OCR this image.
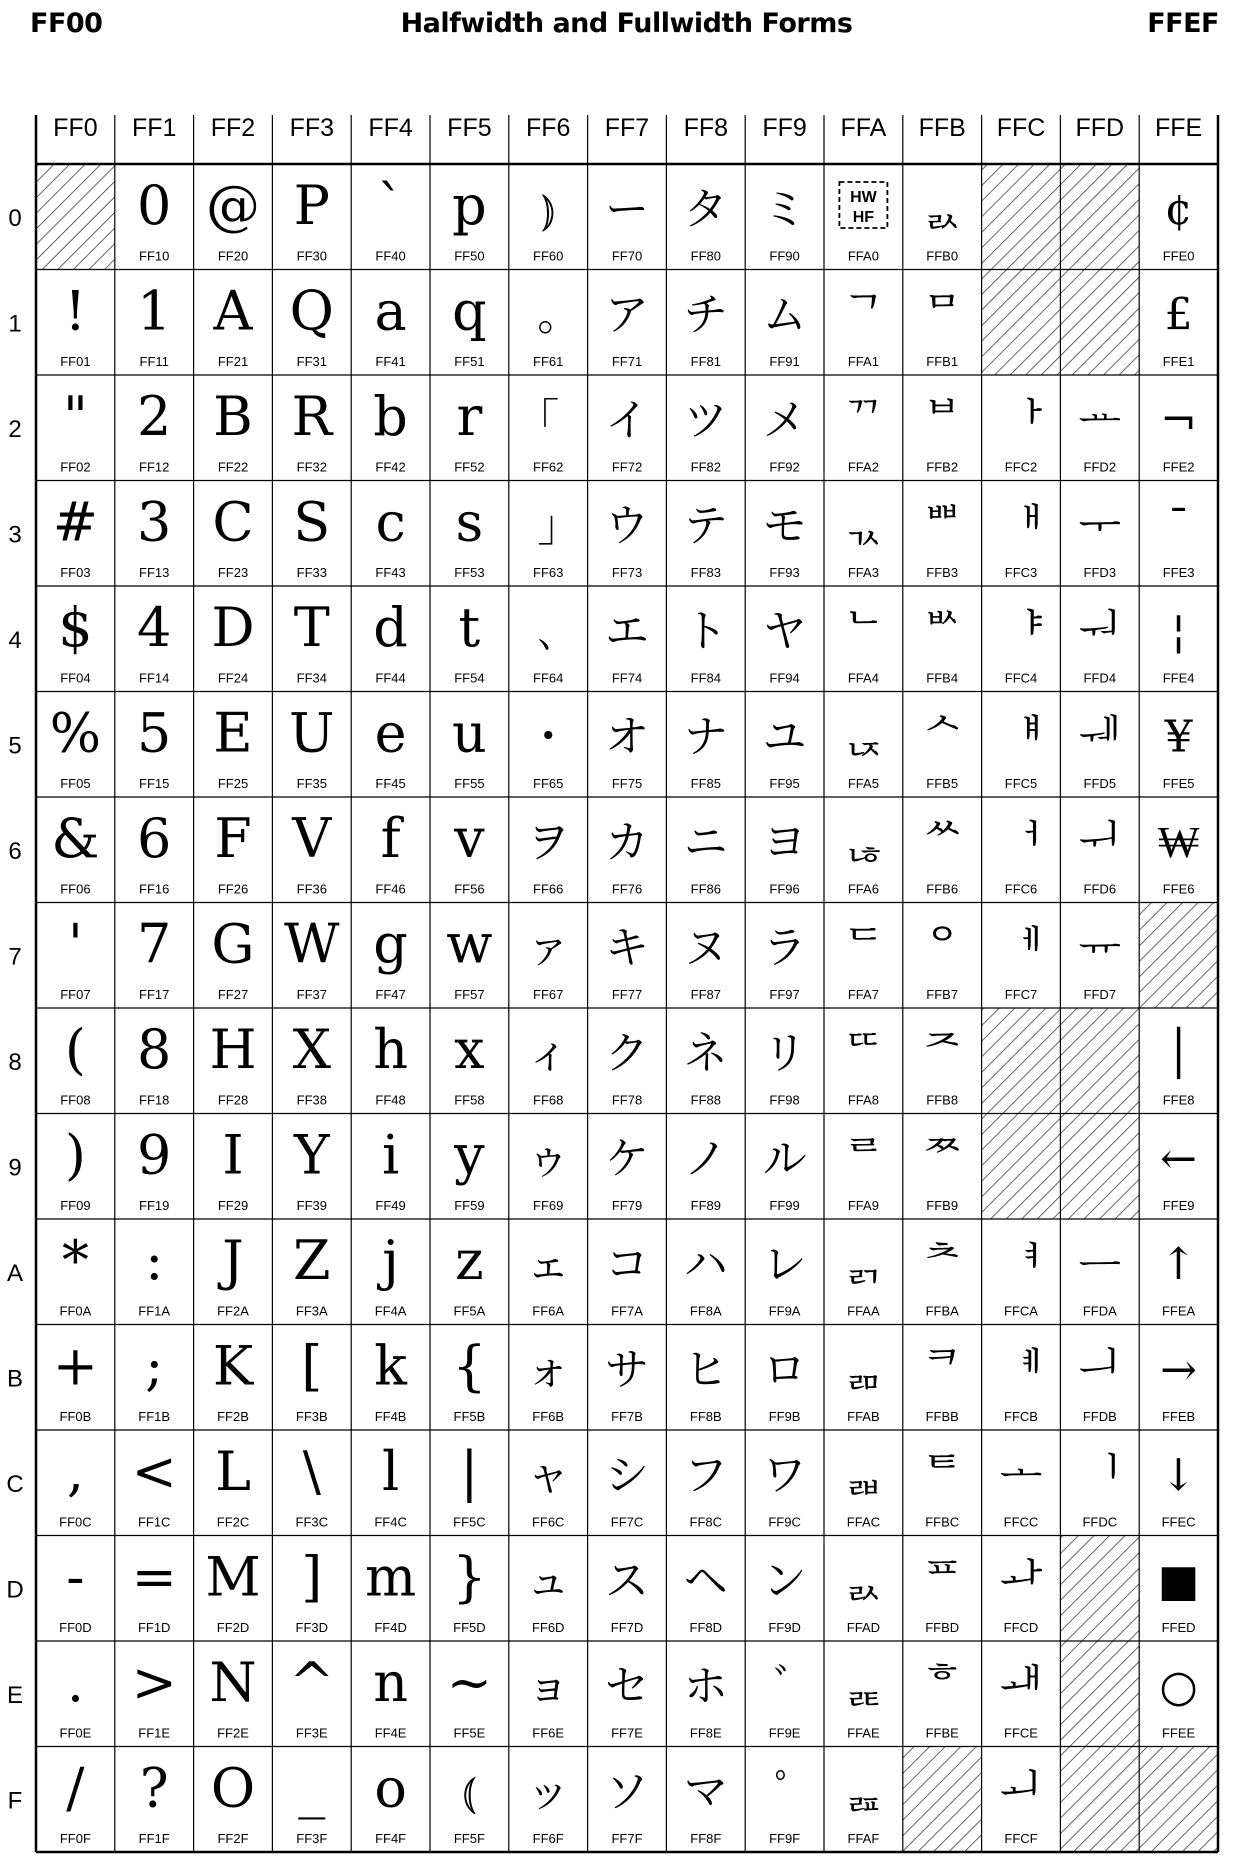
FF00	Halfwidth and Fullwidth Forms	FFEF
FF0 FF1 FF2 FF3 FF4 FF5 FF6 FF7 FF8 FF9 FFA FFB FFC FFD FFE
0
1
2
3
4
5
6
7
8
9
A
B
C
D
E
F
0
FF10
@
FF20
P
FF30
`
FF40
p
FF50
⦆
FF60
ー
FF70
タ
FF80
ミ
FF90
HW
HF
FFA0
ᆳ
FFB0
¢
FFE0
!
FF01
1
FF11
A
FF21
Q
FF31
a
FF41
q
FF51
｡
FF61
ア
FF71
チ
FF81
ム
FF91
ᄀ
FFA1
ᄆ
FFB1
£
FFE1
"
FF02
2
FF12
B
FF22
R
FF32
b
FF42
r
FF52
｢
FF62
イ
FF72
ツ
FF82
メ
FF92
ᄁ
FFA2
ᄇ
FFB2
ᅡ
FFC2
ᅭ
FFD2
¬
FFE2
#
FF03
3
FF13
C
FF23
S
FF33
c
FF43
s
FF53
｣
FF63
ウ
FF73
テ
FF83
モ
FF93
ᆪ
FFA3
ᄈ
FFB3
ᅢ
FFC3
ᅮ
FFD3
¯
FFE3
$
FF04
4
FF14
D
FF24
T
FF34
d
FF44
t
FF54
､
FF64
エ
FF74
ト
FF84
ヤ
FF94
ᄂ
FFA4
ᄡ
FFB4
ᅣ
FFC4
ᅯ
FFD4
¦
FFE4
%
FF05
5
FF15
E
FF25
U
FF35
e
FF45
u
FF55
･
FF65
オ
FF75
ナ
FF85
ユ
FF95
ᆬ
FFA5
ᄉ
FFB5
ᅤ
FFC5
ᅰ
FFD5
¥
FFE5
&
FF06
6
FF16
F
FF26
V
FF36
f
FF46
v
FF56
ヲ
FF66
カ
FF76
ニ
FF86
ヨ
FF96
ᆭ
FFA6
ᄊ
FFB6
ᅥ
FFC6
ᅱ
FFD6
₩
FFE6
'
FF07
7
FF17
G
FF27
W
FF37
g
FF47
w
FF57
ァ
FF67
キ
FF77
ヌ
FF87
ラ
FF97
ᄃ
FFA7
ᄋ
FFB7
ᅦ
FFC7
ᅲ
FFD7
(
FF08
8
FF18
H
FF28
X
FF38
h
FF48
x
FF58
ィ
FF68
ク
FF78
ネ
FF88
リ
FF98
ᄄ
FFA8
ᄌ
FFB8
│
FFE8
)
FF09
9
FF19
I
FF29
Y
FF39
i
FF49
y
FF59
ゥ
FF69
ケ
FF79
ノ
FF89
ル
FF99
ᄅ
FFA9
ᄍ
FFB9
←
FFE9
*
FF0A
:
FF1A
J
FF2A
Z
FF3A
j
FF4A
z
FF5A
ェ
FF6A
コ
FF7A
ハ
FF8A
レ
FF9A
ᆰ
FFAA
ᄎ
FFBA
ᅧ
FFCA
ᅳ
FFDA
↑
FFEA
+
FF0B
;
FF1B
K
FF2B
[
FF3B
k
FF4B
{
FF5B
ォ
FF6B
サ
FF7B
ヒ
FF8B
ロ
FF9B
ᆱ
FFAB
ᄏ
FFBB
ᅨ
FFCB
ᅴ
FFDB
→
FFEB
,
FF0C
<
FF1C
L
FF2C
\
FF3C
l
FF4C
|
FF5C
ャ
FF6C
シ
FF7C
フ
FF8C
ワ
FF9C
ᆲ
FFAC
ᄐ
FFBC
ᅩ
FFCC
ᅵ
FFDC
↓
FFEC
-
FF0D
=
FF1D
M
FF2D
]
FF3D
m
FF4D
}
FF5D
ュ
FF6D
ス
FF7D
ヘ
FF8D
ン
FF9D
ᆳ
FFAD
ᄑ
FFBD
ᅪ
FFCD
■
FFED
.
FF0E
>
FF1E
N
FF2E
^
FF3E
n
FF4E
~
FF5E
ョ
FF6E
セ
FF7E
ホ
FF8E
ﾞ
FF9E
ᆴ
FFAE
ᄒ
FFBE
ᅫ
FFCE
○
FFEE
/
FF0F
?
FF1F
O
FF2F
_
FF3F
o
FF4F
⦅
FF5F
ッ
FF6F
ソ
FF7F
マ
FF8F
ﾟ
FF9F
ᆵ
FFAF
ᅬ
FFCF
